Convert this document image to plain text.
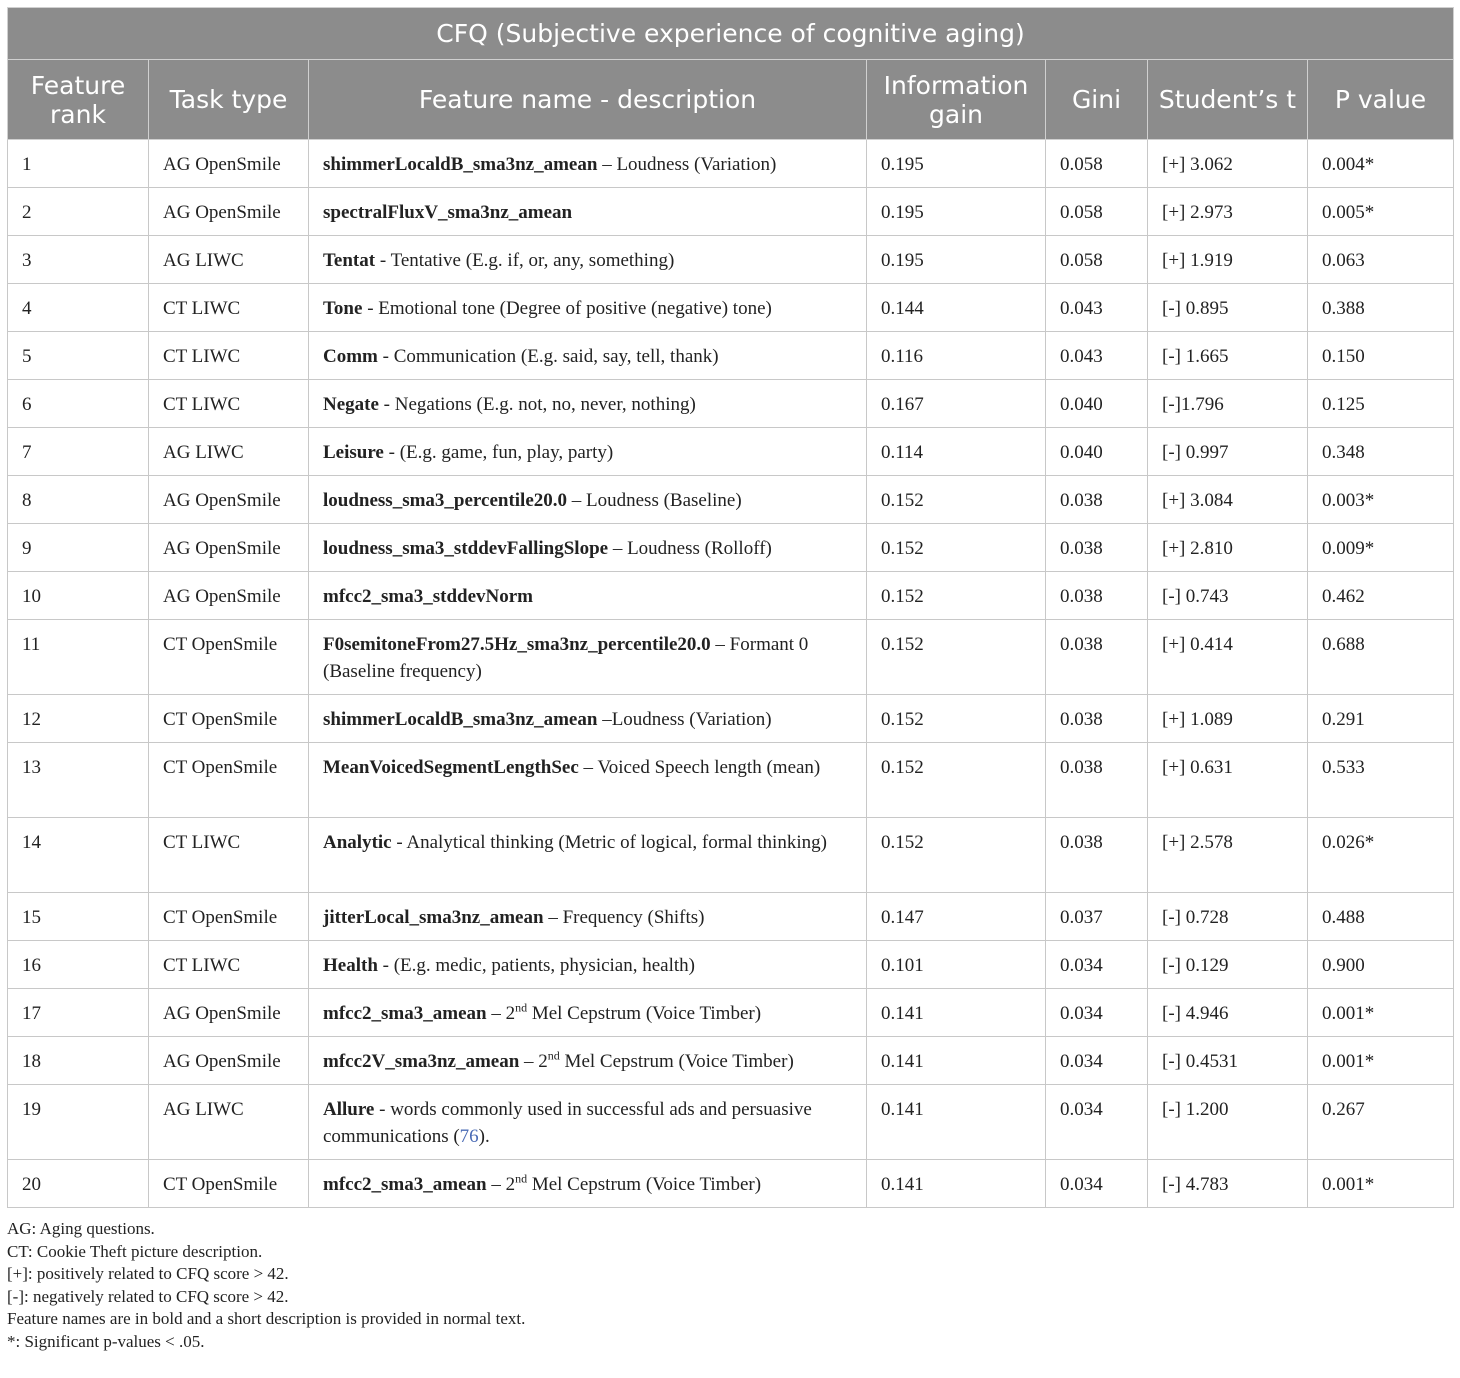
CFQ (Subjective experience of cognitive aging)						
Feature rank	Task type	Feature name - description	Information gain	Gini	Student’s t	P value
1	AG OpenSmile	shimmerLocaldB_sma3nz_amean – Loudness (Variation)	0.195	0.058	[+] 3.062	0.004*
2	AG OpenSmile	spectralFluxV_sma3nz_amean	0.195	0.058	[+] 2.973	0.005*
3	AG LIWC	Tentat - Tentative (E.g. if, or, any, something)	0.195	0.058	[+] 1.919	0.063
4	CT LIWC	Tone - Emotional tone (Degree of positive (negative) tone)	0.144	0.043	[-] 0.895	0.388
5	CT LIWC	Comm - Communication (E.g. said, say, tell, thank)	0.116	0.043	[-] 1.665	0.150
6	CT LIWC	Negate - Negations (E.g. not, no, never, nothing)	0.167	0.040	[-]1.796	0.125
7	AG LIWC	Leisure - (E.g. game, fun, play, party)	0.114	0.040	[-] 0.997	0.348
8	AG OpenSmile	loudness_sma3_percentile20.0 – Loudness (Baseline)	0.152	0.038	[+] 3.084	0.003*
9	AG OpenSmile	loudness_sma3_stddevFallingSlope – Loudness (Rolloff)	0.152	0.038	[+] 2.810	0.009*
10	AG OpenSmile	mfcc2_sma3_stddevNorm	0.152	0.038	[-] 0.743	0.462
11	CT OpenSmile	F0semitoneFrom27.5Hz_sma3nz_percentile20.0 – Formant 0 (Baseline frequency)	0.152	0.038	[+] 0.414	0.688
12	CT OpenSmile	shimmerLocaldB_sma3nz_amean –Loudness (Variation)	0.152	0.038	[+] 1.089	0.291
13	CT OpenSmile	MeanVoicedSegmentLengthSec – Voiced Speech length (mean)	0.152	0.038	[+] 0.631	0.533
14	CT LIWC	Analytic - Analytical thinking (Metric of logical, formal thinking)	0.152	0.038	[+] 2.578	0.026*
15	CT OpenSmile	jitterLocal_sma3nz_amean – Frequency (Shifts)	0.147	0.037	[-] 0.728	0.488
16	CT LIWC	Health - (E.g. medic, patients, physician, health)	0.101	0.034	[-] 0.129	0.900
17	AG OpenSmile	mfcc2_sma3_amean – 2nd Mel Cepstrum (Voice Timber)	0.141	0.034	[-] 4.946	0.001*
18	AG OpenSmile	mfcc2V_sma3nz_amean – 2nd Mel Cepstrum (Voice Timber)	0.141	0.034	[-] 0.4531	0.001*
19	AG LIWC	Allure - words commonly used in successful ads and persuasive communications (76).	0.141	0.034	[-] 1.200	0.267
20	CT OpenSmile	mfcc2_sma3_amean – 2nd Mel Cepstrum (Voice Timber)	0.141	0.034	[-] 4.783	0.001*
AG: Aging questions.
CT: Cookie Theft picture description.
[+]: positively related to CFQ score > 42.
[-]: negatively related to CFQ score > 42.
Feature names are in bold and a short description is provided in normal text.
*: Significant p-values < .05.
